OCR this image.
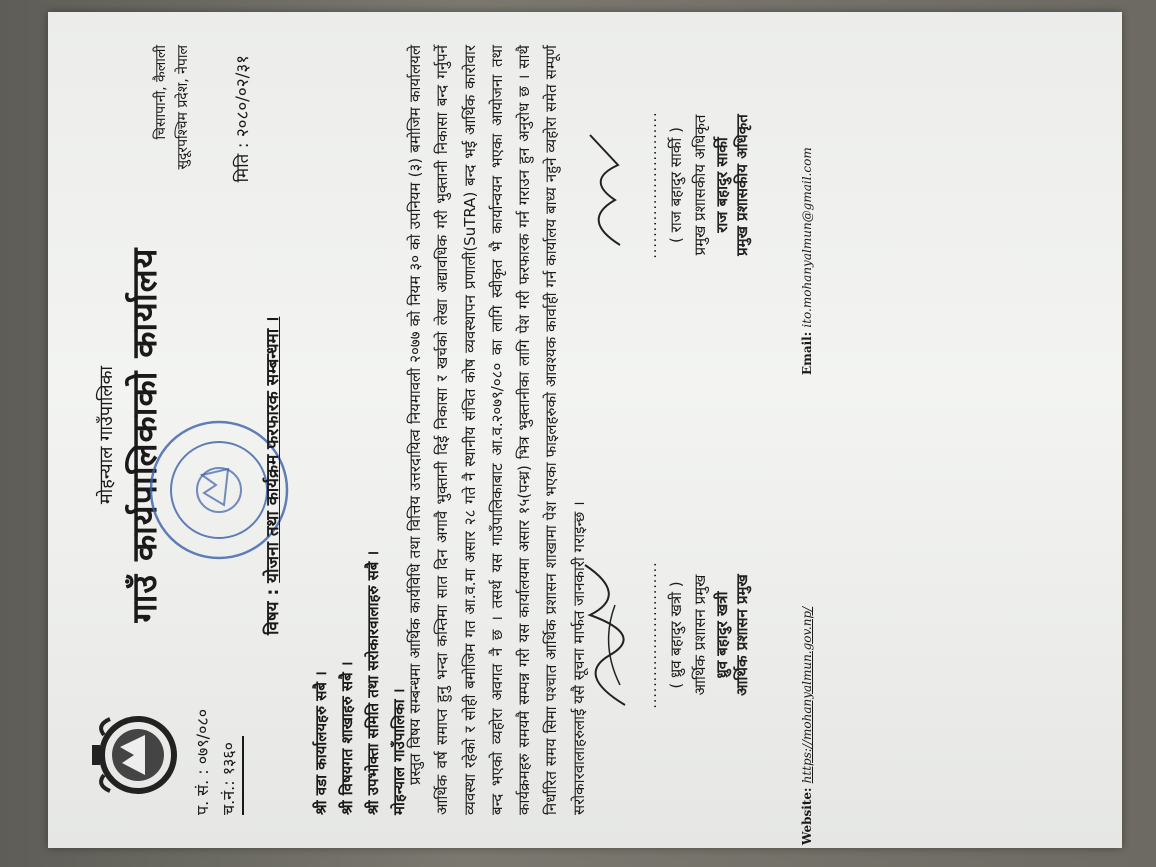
मोहन्याल गाउँपालिका गाउँ कार्यपालिकाको कार्यालय
चिसापानी, कैलाली सुदूरपश्चिम प्रदेश, नेपाल
प. सं. : ०७९/०८० च.नं.: १३६०
मिति : २०८०/०२/३१
विषय : योजना तथा कार्यक्रम फरफारक सम्बन्धमा ।
श्री वडा कार्यालयहरु सबै । श्री विषयगत शाखाहरु सबै । श्री उपभोक्ता समिति तथा सरोकारवालाहरु सबै । मोहन्याल गाउँपालिका ।
प्रस्तुत विषय सम्बन्धमा आर्थिक कार्यविधि तथा वित्तिय उत्तरदायित्व नियमावली २०७७ को नियम ३० को उपनियम (३) बमोजिम कार्यालयले आर्थिक वर्ष समाप्त हुनु भन्दा कम्तिमा सात दिन अगावै भुक्तानी दिई निकासा र खर्चको लेखा अद्यावधिक गरी भुक्तानी निकासा बन्द गर्नुपर्ने व्यवस्था रहेको र सोही बमोजिम गत आ.व.मा असार २८ गते नै स्थानीय संचित कोष व्यवस्थापन प्रणाली(SuTRA) बन्द भई आर्थिक कारोवार बन्द भएको व्यहोरा अवगत नै छ । तसर्थ यस गाउँपालिकाबाट आ.व.२०७९/०८० का लागि स्वीकृत भै कार्यान्वयन भएका आयोजना तथा कार्यक्रमहरु समयमै सम्पन्न गरी यस कार्यालयमा असार १५(पन्ध्र) भित्र भुक्तानीका लागि पेश गरी फरफारक गर्न गराउन हुन अनुरोध छ । साथै निर्धारित समय सिमा पश्चात आर्थिक प्रशासन शाखामा पेश भएका फाइलहरुको आवश्यक कार्वाही गर्न कार्यालय बाध्य नहुने व्यहोरा समेत सम्पूर्ण सरोकारवालाहरुलाई यसै सूचना मार्फत जानकारी गराइन्छ ।	........................... ( ध्रुव बहादुर खत्री ) आर्थिक प्रशासन प्रमुख ध्रुव बहादुर खत्री आर्थिक प्रशासन प्रमुख
........................... ( राज बहादुर सार्की ) प्रमुख प्रशासकीय अधिकृत राज बहादुर सार्की प्रमुख प्रशासकीय अधिकृत
Website: https://mohanyalmun.gov.np/
Email: ito.mohanyalmun@gmail.com
